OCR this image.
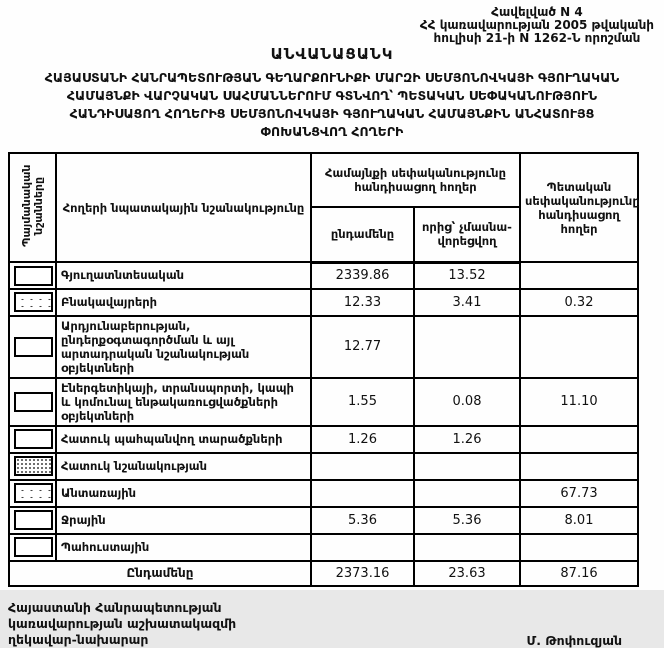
Հավելված N 4
ՀՀ կառավարության 2005 թվականի
հուլիսի 21-ի N 1262-Ն որոշման
ԱՆՎԱՆԱՑԱՆԿ
ՀԱՅԱՍՏԱՆԻ ՀԱՆՐԱՊԵՏՈՒԹՅԱՆ ԳԵՂԱՐՔՈՒՆԻՔԻ ՄԱՐԶԻ ՍԵՄՅՈՆՈՎԿԱՅԻ ԳՅՈՒՂԱԿԱՆ
ՀԱՄԱՅՆՔԻ ՎԱՐՉԱԿԱՆ ՍԱՀՄԱՆՆԵՐՈՒՄ ԳՏՆՎՈՂ՝ ՊԵՏԱԿԱՆ ՍԵՓԱԿԱՆՈՒԹՅՈՒՆ
ՀԱՆԴԻՍԱՑՈՂ ՀՈՂԵՐԻՑ ՍԵՄՅՈՆՈՎԿԱՅԻ ԳՅՈՒՂԱԿԱՆ ՀԱՄԱՅՆՔԻՆ ԱՆՀԱՏՈՒՅՑ
ՓՈԽԱՆՑՎՈՂ ՀՈՂԵՐԻ
Պայմանական նշանները	Հողերի նպատակային նշանակությունը	Համայնքի սեփականությունը հանդիսացող հողեր		Պետական սեփականությունը հանդիսացող հողեր
		ընդամենը	որից՝ չմասնա-վորեցվող	
	Գյուղատնտեսական	2339.86	13.52	
	Բնակավայրերի	12.33	3.41	0.32
	Արդյունաբերության, ընդերքօգտագործման և այլ արտադրական նշանակության օբյեկտների	12.77		
	Էներգետիկայի, տրանսպորտի, կապի և կոմունալ ենթակառուցվածքների օբյեկտների	1.55	0.08	11.10
	Հատուկ պահպանվող տարածքների	1.26	1.26	
	Հատուկ նշանակության			
	Անտառային			67.73
	Ջրային	5.36	5.36	8.01
	Պահուստային			
Ընդամենը		2373.16	23.63	87.16
Հայաստանի Հանրապետության
կառավարության աշխատակազմի
ղեկավար-նախարար	Մ. Թոփուզյան
